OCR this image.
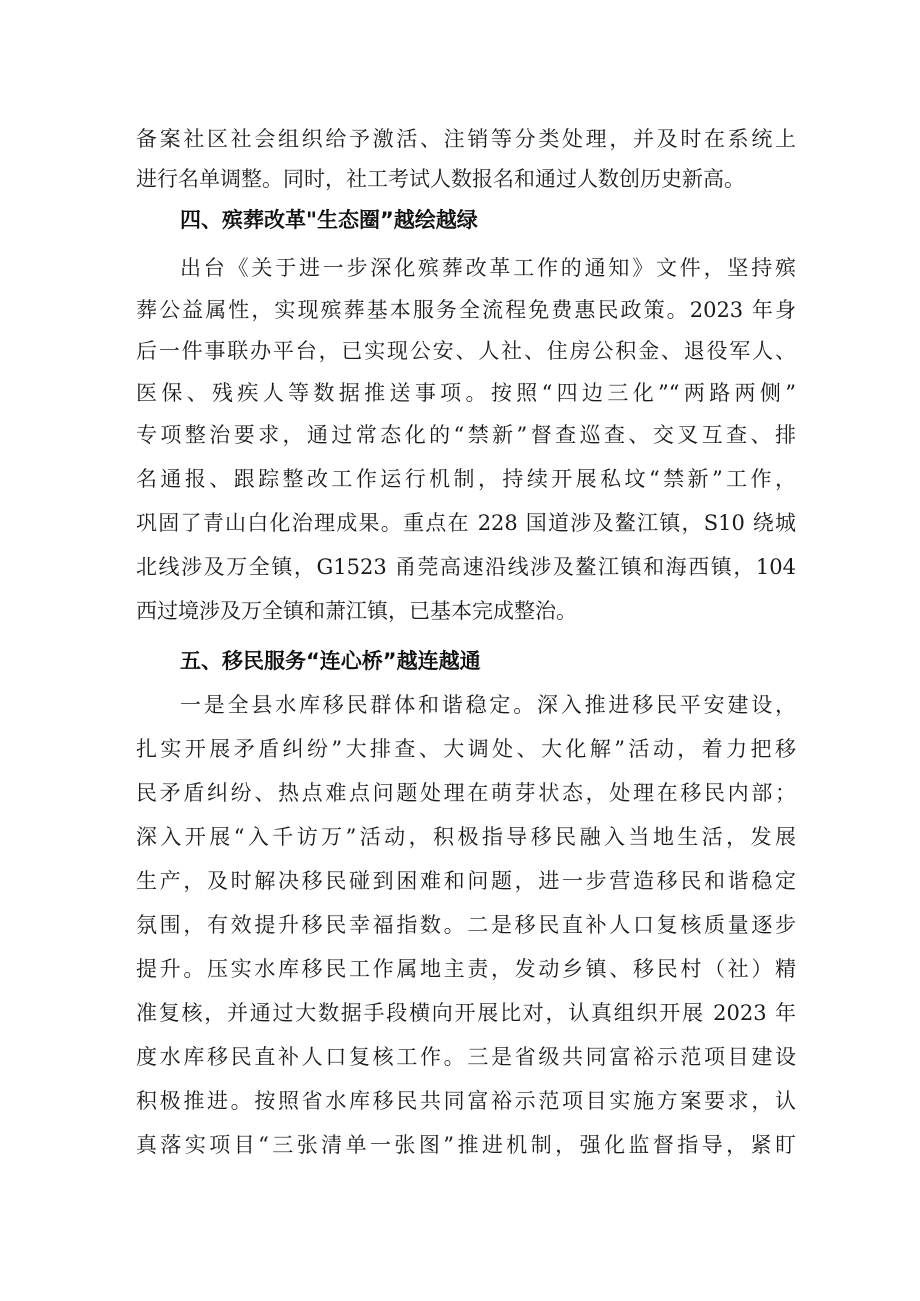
备案社区社会组织给予激活、注销等分类处理，并及时在系统上
进行名单调整。同时，社工考试人数报名和通过人数创历史新高。
四、殡葬改革"生态圈”越绘越绿
出台《关于进一步深化殡葬改革工作的通知》文件，坚持殡
葬公益属性，实现殡葬基本服务全流程免费惠民政策。2023 年身
后一件事联办平台，已实现公安、人社、住房公积金、退役军人、
医保、残疾人等数据推送事项。按照“四边三化”“两路两侧”
专项整治要求，通过常态化的“禁新”督查巡查、交叉互查、排
名通报、跟踪整改工作运行机制，持续开展私坟“禁新”工作，
巩固了青山白化治理成果。重点在 228 国道涉及鳌江镇，S10 绕城
北线涉及万全镇，G1523 甬莞高速沿线涉及鳌江镇和海西镇，104
西过境涉及万全镇和萧江镇，已基本完成整治。
五、移民服务“连心桥”越连越通
一是全县水库移民群体和谐稳定。深入推进移民平安建设，
扎实开展矛盾纠纷”大排查、大调处、大化解”活动，着力把移
民矛盾纠纷、热点难点问题处理在萌芽状态，处理在移民内部；
深入开展“入千访万”活动，积极指导移民融入当地生活，发展
生产，及时解决移民碰到困难和问题，进一步营造移民和谐稳定
氛围，有效提升移民幸福指数。二是移民直补人口复核质量逐步
提升。压实水库移民工作属地主责，发动乡镇、移民村（社）精
准复核，并通过大数据手段横向开展比对，认真组织开展 2023 年
度水库移民直补人口复核工作。三是省级共同富裕示范项目建设
积极推进。按照省水库移民共同富裕示范项目实施方案要求，认
真落实项目“三张清单一张图”推进机制，强化监督指导，紧盯
